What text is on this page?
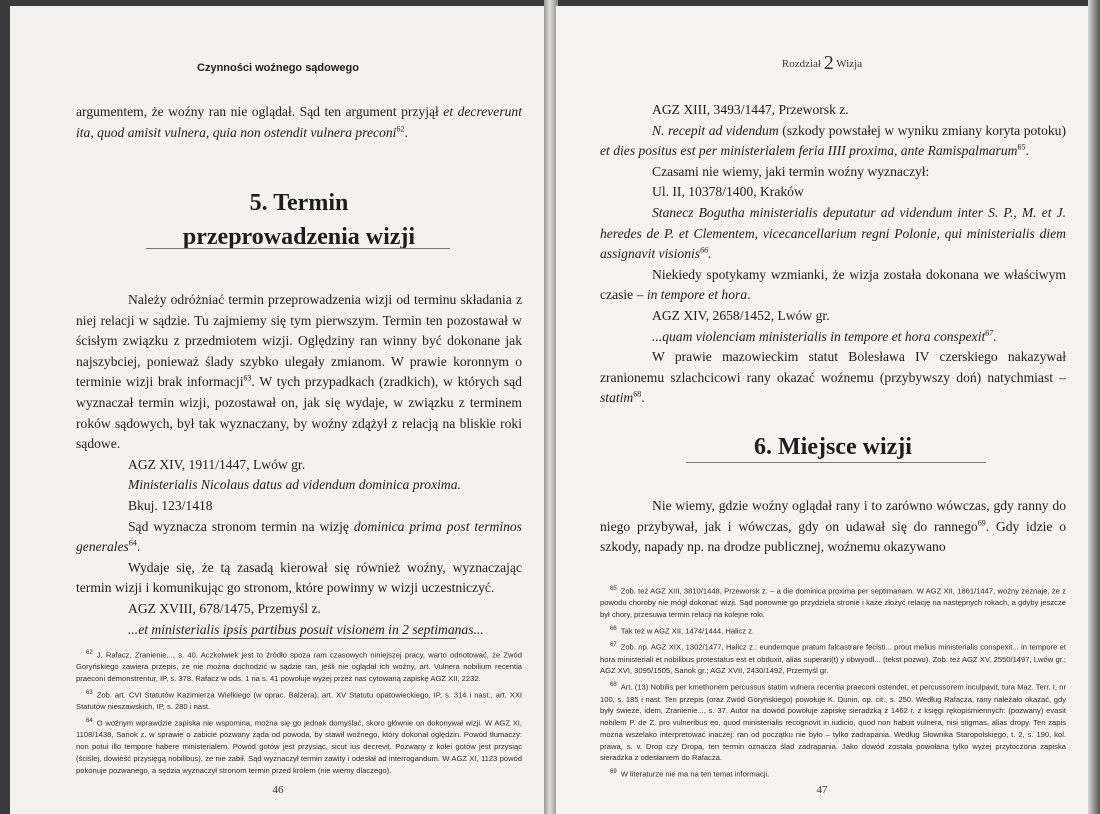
Czynności woźnego sądowego

argumentem, że woźny ran nie oglądał. Sąd ten argument przyjął et decreverunt ita, quod amisit vulnera, quia non ostendit vulnera preconi$^{62}$.

5. Termin
przeprowadzenia wizji

Należy odróżniać termin przeprowadzenia wizji od terminu składania z niej relacji w sądzie. Tu zajmiemy się tym pierwszym. Termin ten pozostawał w ścisłym związku z przedmiotem wizji. Oględziny ran winny być dokonane jak najszybciej, ponieważ ślady szybko ulegały zmianom. W prawie koronnym o terminie wizji brak informacji$^{63}$. W tych przypadkach (zradkich), w których sąd wyznaczał termin wizji, pozostawał on, jak się wydaje, w związku z terminem roków sądowych, był tak wyznaczany, by woźny zdążył z relacją na bliskie roki sądowe.

AGZ XIV, 1911/1447, Lwów gr.

Ministerialis Nicolaus datus ad videndum dominica proxima.

Bkuj. 123/1418

Sąd wyznacza stronom termin na wizję dominica prima post terminos generales$^{64}$.

Wydaje się, że tą zasadą kierował się również woźny, wyznaczając termin wizji i komunikując go stronom, które powinny w wizji uczestniczyć.

AGZ XVIII, 678/1475, Przemyśl z.

...et ministerialis ipsis partibus posuit visionem in 2 septimanas...

$^{62}$ J. Rafacz, Zranienie..., s. 40. Aczkolwiek jest to źródło spoza ram czasowych niniejszej pracy, warto odnotować, że Zwód Goryńskiego zawiera przepis, że nie można dochodzić w sądzie ran, jeśli nie oglądał ich woźny, art. Vulnera nobilium recentia praeconi demonstrentur, IP, s. 378. Rafacz w ods. 1 na s. 41 powołuje wyżej przez nas cytowaną zapiskę AGZ XII, 2232.

$^{63}$ Zob. art. CVI Statutów Kazimierza Wielkiego (w oprac. Balzera), art. XV Statutu opatowieckiego, IP, s. 314 i nast., art. XXI Statutów nieszawskich, IP, s. 280 i nast.

$^{64}$ O woźnym wprawdzie zapiska nie wspomina, można się go jednak domyślać, skoro głównie on dokonywał wizji. W AGZ XI, 1108/1438, Sanok z. w sprawie o zabicie pozwany żąda od powoda, by stawił woźnego, który dokonał oględzin. Powód tłumaczy: non potui illo tempore habere ministerialem. Powód gotów jest przysiąc, sicut ius decrevit. Pozwany z kolei gotów jest przysiąc (ściślej, dowieść przysięgą nobilibus), że nie zabił. Sąd wyznaczył termin zawity i odesłał ad interrogandum. W AGZ XI, 1123 powód pokonuje pozwanego, a sędzia wyznaczył stronom termin przed królem (nie wiemy dlaczego).

46
Rozdział 2 Wizja

AGZ XIII, 3493/1447, Przeworsk z.

N. recepit ad videndum (szkody powstałej w wyniku zmiany koryta potoku) et dies positus est per ministerialem feria IIII proxima, ante Ramispalmarum$^{65}$.

Czasami nie wiemy, jaki termin woźny wyznaczył:

Ul. II, 10378/1400, Kraków

Stanecz Bogutha ministerialis deputatur ad videndum inter S. P., M. et J. heredes de P. et Clementem, vicecancellarium regni Polonie, qui ministerialis diem assignavit visionis$^{66}$.

Niekiedy spotykamy wzmianki, że wizja została dokonana we właściwym czasie – in tempore et hora.

AGZ XIV, 2658/1452, Lwów gr.

...quam violenciam ministerialis in tempore et hora conspexit$^{67}$.

W prawie mazowieckim statut Bolesława IV czerskiego nakazywał zranionemu szlachcicowi rany okazać woźnemu (przybywszy doń) natychmiast – statim$^{68}$.

6. Miejsce wizji

Nie wiemy, gdzie woźny oglądał rany i to zarówno wówczas, gdy ranny do niego przybywał, jak i wówczas, gdy on udawał się do rannego$^{69}$. Gdy idzie o szkody, napady np. na drodze publicznej, woźnemu okazywano

$^{65}$ Zob. też AGZ XIII, 3810/1448, Przeworsk z. – a die dominica proxima per septimanam. W AGZ XII, 1861/1447, woźny zeznaje, że z powodu choroby nie mógł dokonać wizji. Sąd ponownie go przydziela stronie i każe złożyć relację na następnych rokach, a gdyby jeszcze był chory, przesuwa termin relacji na kolejne roki.

$^{66}$ Tak też w AGZ XII, 1474/1444, Halicz z.

$^{67}$ Zob. np. AGZ XIX, 1302/1477, Halicz z.: eundemque pratum falcastrare fecisti... prout melius ministerialis conspexit... in tempore et hora ministeriali et nobilibus protestatus est et obduxit, alias superari(t) y obwyodl... (tekst pozwu). Zob. też AGZ XV, 2550/1497, Lwów gr.; AGZ XVI, 3095/1505, Sanok gr.; AGZ XVII, 2430/1492, Przemyśl gr.

$^{68}$ Art. (13) Nobilis per kmethonem percussus statim vulnera recentia praeconi ostendet, et percussorem inculpavit, tura Maz. Terr. I, nr 100, s. 185 i nast. Ten przepis (oraz Zwód Goryńskiego) powołuje K. Dunin, op. cit., s. 250. Według Rafacza, rany należało okazać, gdy były świeże, idem, Zranienie..., s. 37. Autor na dowód powołuje zapiskę sieradzką z 1462 r. z księgi rękopiśmiennych: (pozwany) evasit nobilem P. de Z. pro vulneribus eo, quod ministerialis recognovit in iudicio, quod non habuit vulnera, nisi stigmas, alias dropy. Ten zapis można wszelako interpretować inaczej: ran od początku nie było – tylko zadrapania. Według Słownika Staropolskiego, t. 2, s. 190, kol. prawa, s. v. Drop czy Dropa, ten termin oznacza ślad zadrapania. Jako dowód została powołana tylko wyżej przytoczona zapiska sieradzka z odesłaniem do Rafacza.

$^{69}$ W literaturze nie ma na ten temat informacji.

47
